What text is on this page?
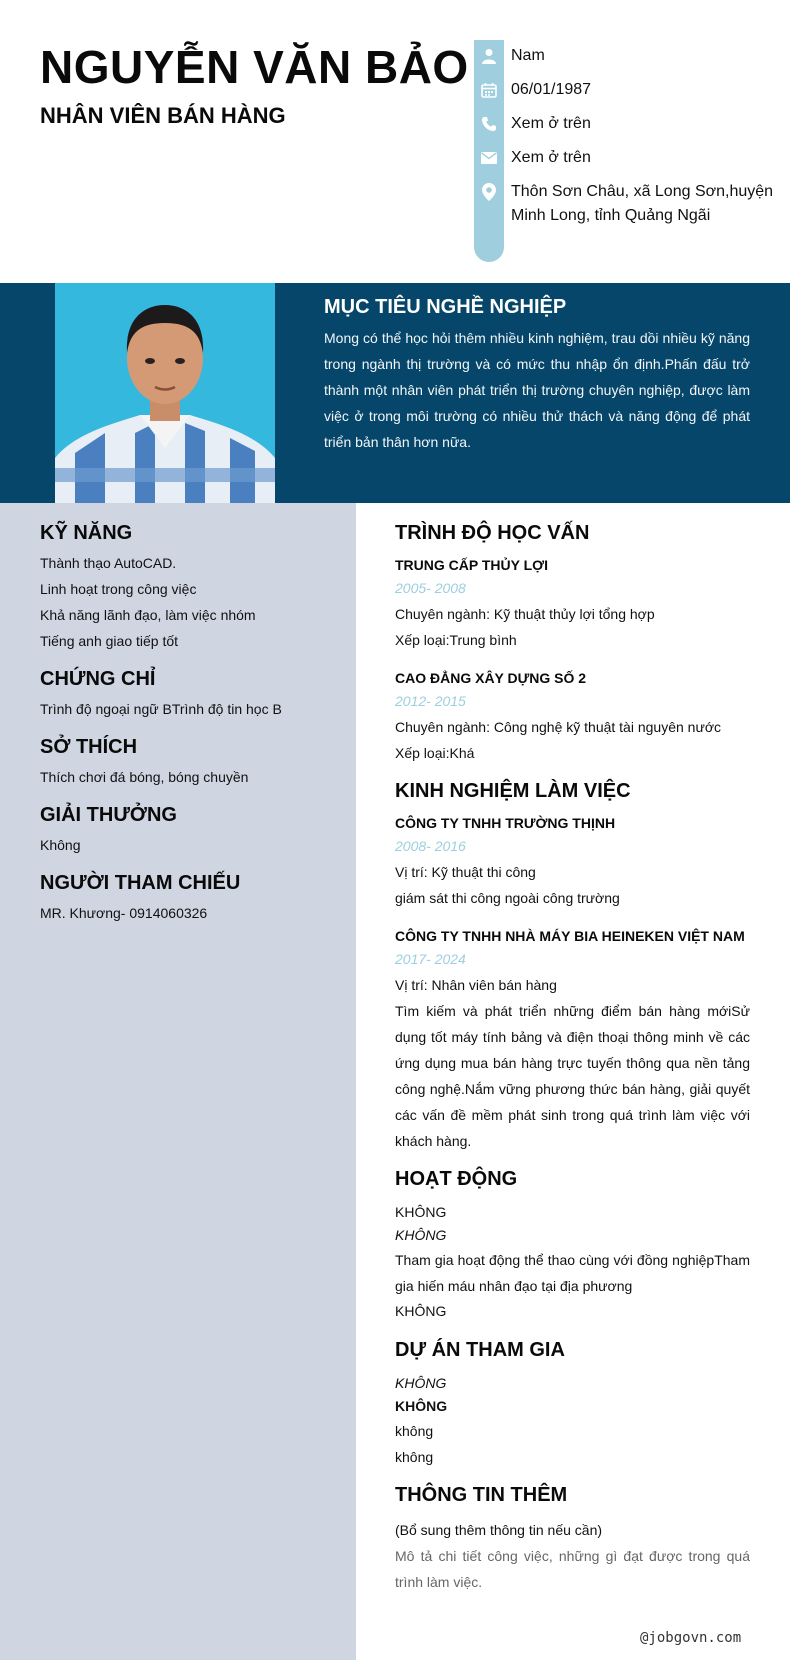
NGUYỄN VĂN BẢO
NHÂN VIÊN BÁN HÀNG
Nam
06/01/1987
Xem ở trên
Xem ở trên
Thôn Sơn Châu, xã Long Sơn,huyện Minh Long, tỉnh Quảng Ngãi
MỤC TIÊU NGHỀ NGHIỆP

Mong có thể học hỏi thêm nhiều kinh nghiệm, trau dồi nhiều kỹ năng trong ngành thị trường và có mức thu nhập ổn định.Phấn đấu trở thành một nhân viên phát triển thị trường chuyên nghiệp, được làm việc ở trong môi trường có nhiều thử thách và năng động để phát triển bản thân hơn nữa.

KỸ NĂNG

Thành thạo AutoCAD.

Linh hoạt trong công việc

Khả năng lãnh đạo, làm việc nhóm

Tiếng anh giao tiếp tốt

CHỨNG CHỈ

Trình độ ngoại ngữ BTrình độ tin học B

SỞ THÍCH

Thích chơi đá bóng, bóng chuyền

GIẢI THƯỞNG

Không

NGƯỜI THAM CHIẾU

MR. Khương- 0914060326

TRÌNH ĐỘ HỌC VẤN

TRUNG CẤP THỦY LỢI

2005- 2008

Chuyên ngành: Kỹ thuật thủy lợi tổng hợp

Xếp loại:Trung bình

CAO ĐẲNG XÂY DỰNG SỐ 2

2012- 2015

Chuyên ngành: Công nghệ kỹ thuật tài nguyên nước

Xếp loại:Khá

KINH NGHIỆM LÀM VIỆC

CÔNG TY TNHH TRƯỜNG THỊNH

2008- 2016

Vị trí: Kỹ thuật thi công

giám sát thi công ngoài công trường

CÔNG TY TNHH NHÀ MÁY BIA HEINEKEN VIỆT NAM

2017- 2024

Vị trí: Nhân viên bán hàng

Tìm kiếm và phát triển những điểm bán hàng mớiSử dụng tốt máy tính bảng và điện thoại thông minh về các ứng dụng mua bán hàng trực tuyến thông qua nền tảng công nghệ.Nắm vững phương thức bán hàng, giải quyết các vấn đề mềm phát sinh trong quá trình làm việc với khách hàng.

HOẠT ĐỘNG

KHÔNG

KHÔNG

Tham gia hoạt động thể thao cùng với đồng nghiệpTham gia hiến máu nhân đạo tại địa phương

KHÔNG

DỰ ÁN THAM GIA

KHÔNG

KHÔNG

không

không

THÔNG TIN THÊM

(Bổ sung thêm thông tin nếu cần)

Mô tả chi tiết công việc, những gì đạt được trong quá trình làm việc.

@jobgovn.com
